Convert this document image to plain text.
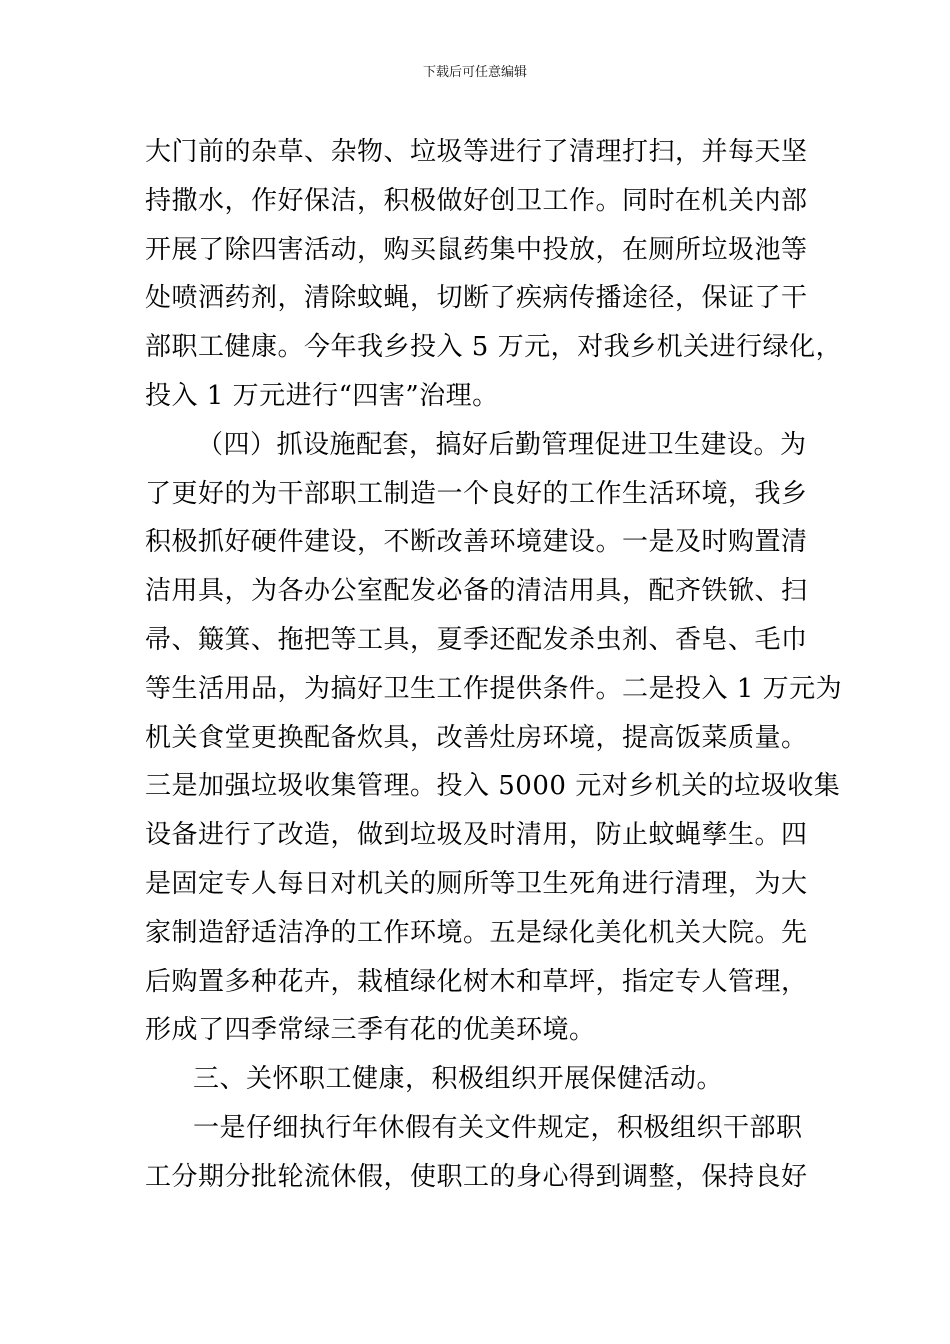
下载后可任意编辑
大门前的杂草、杂物、垃圾等进行了清理打扫，并每天坚
持撒水，作好保洁，积极做好创卫工作。同时在机关内部
开展了除四害活动，购买鼠药集中投放，在厕所垃圾池等
处喷洒药剂，清除蚊蝇，切断了疾病传播途径，保证了干
部职工健康。今年我乡投入 5 万元，对我乡机关进行绿化，
投入 1 万元进行“四害”治理。
（四）抓设施配套，搞好后勤管理促进卫生建设。为
了更好的为干部职工制造一个良好的工作生活环境，我乡
积极抓好硬件建设，不断改善环境建设。一是及时购置清
洁用具，为各办公室配发必备的清洁用具，配齐铁锨、扫
帚、簸箕、拖把等工具，夏季还配发杀虫剂、香皂、毛巾
等生活用品，为搞好卫生工作提供条件。二是投入 1 万元为
机关食堂更换配备炊具，改善灶房环境，提高饭菜质量。
三是加强垃圾收集管理。投入 5000 元对乡机关的垃圾收集
设备进行了改造，做到垃圾及时清用，防止蚊蝇孳生。四
是固定专人每日对机关的厕所等卫生死角进行清理，为大
家制造舒适洁净的工作环境。五是绿化美化机关大院。先
后购置多种花卉，栽植绿化树木和草坪，指定专人管理，
形成了四季常绿三季有花的优美环境。
三、关怀职工健康，积极组织开展保健活动。
一是仔细执行年休假有关文件规定，积极组织干部职
工分期分批轮流休假，使职工的身心得到调整，保持良好
